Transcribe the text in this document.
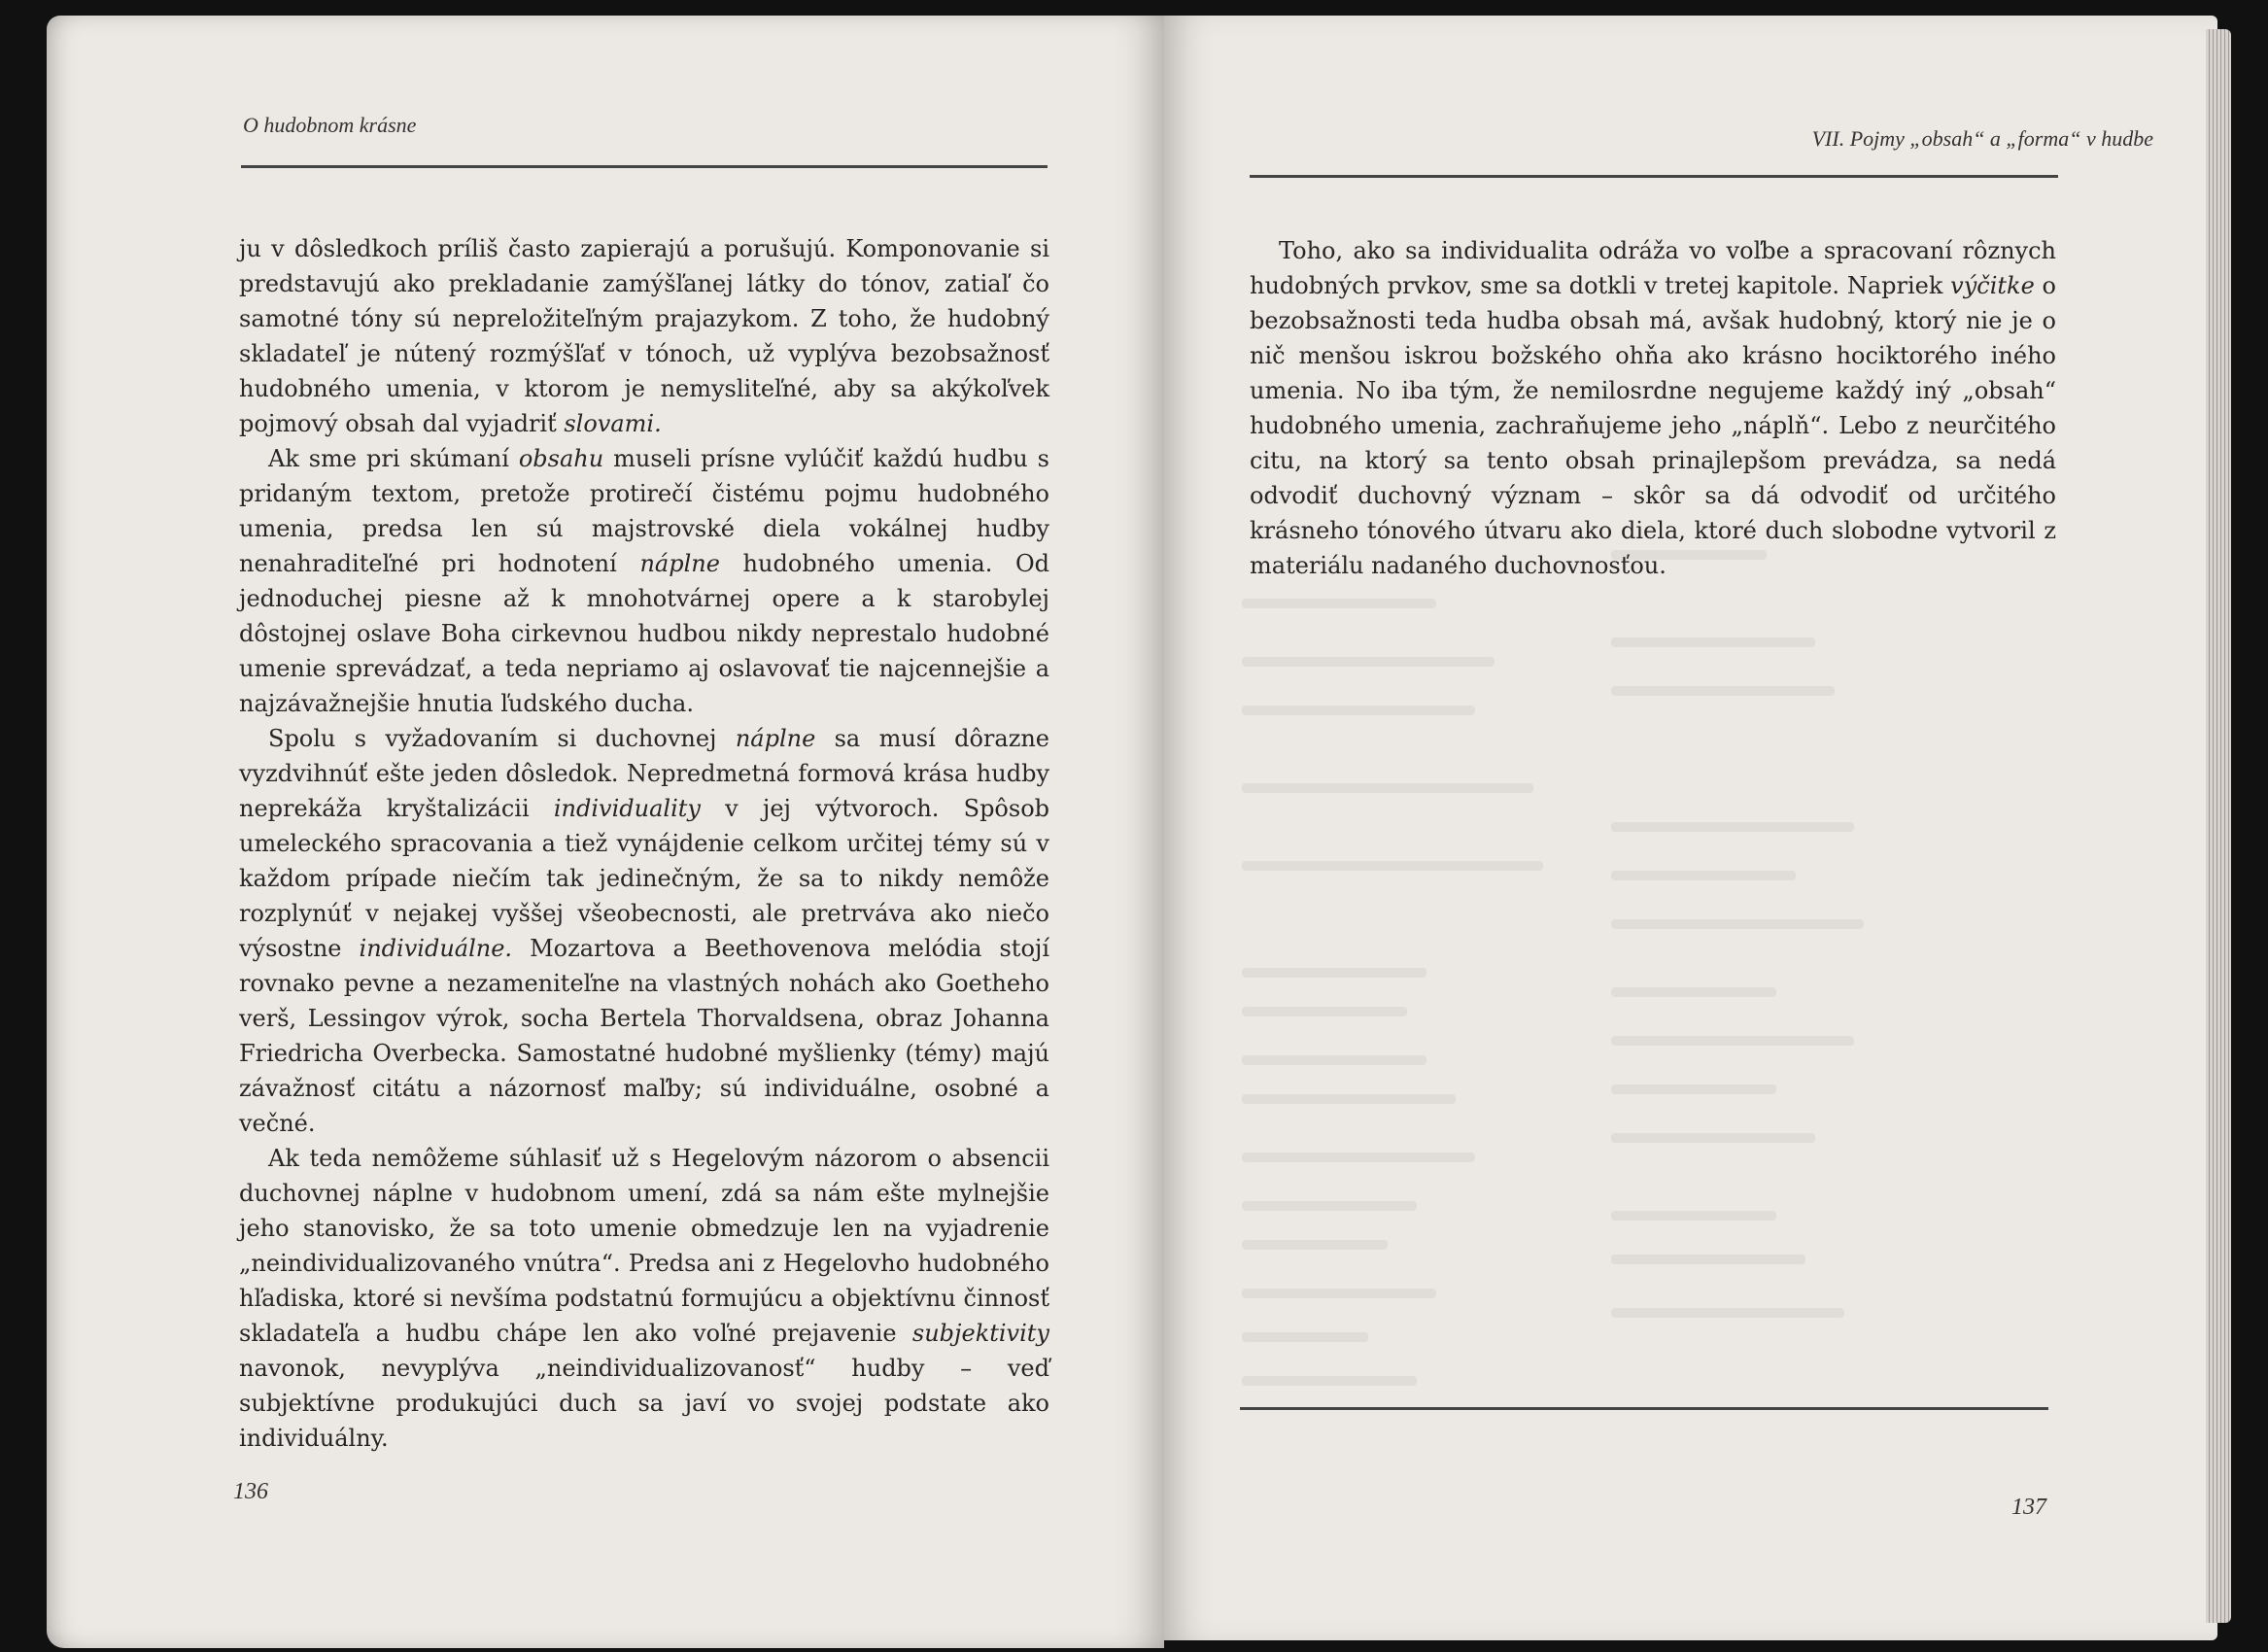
O hudobnom krásne

ju v dôsledkoch príliš často zapierajú a porušujú. Komponovanie si predstavujú ako prekladanie zamýšľanej látky do tónov, zatiaľ čo samotné tóny sú nepreložiteľným prajazykom. Z toho, že hudobný skladateľ je nútený rozmýšľať v tónoch, už vyplýva bezobsažnosť hudobného umenia, v ktorom je nemysliteľné, aby sa akýkoľvek pojmový obsah dal vyjadriť slovami.

Ak sme pri skúmaní obsahu museli prísne vylúčiť každú hudbu s pridaným textom, pretože protirečí čistému pojmu hudobného umenia, predsa len sú majstrovské diela vokálnej hudby nenahraditeľné pri hodnotení náplne hudobného umenia. Od jednoduchej piesne až k mnohotvárnej opere a k starobylej dôstojnej oslave Boha cirkevnou hudbou nikdy neprestalo hudobné umenie sprevádzať, a teda nepriamo aj oslavovať tie najcennejšie a najzávažnejšie hnutia ľudského ducha.

Spolu s vyžadovaním si duchovnej náplne sa musí dôrazne vyzdvihnúť ešte jeden dôsledok. Nepredmetná formová krása hudby neprekáža kryštalizácii individuality v jej výtvoroch. Spôsob umeleckého spracovania a tiež vynájdenie celkom určitej témy sú v každom prípade niečím tak jedinečným, že sa to nikdy nemôže rozplynúť v nejakej vyššej všeobecnosti, ale pretrváva ako niečo výsostne individuálne. Mozartova a Beethovenova melódia stojí rovnako pevne a nezameniteľne na vlastných nohách ako Goetheho verš, Lessingov výrok, socha Bertela Thorvaldsena, obraz Johanna Friedricha Overbecka. Samostatné hudobné myšlienky (témy) majú závažnosť citátu a názornosť maľby; sú individuálne, osobné a večné.

Ak teda nemôžeme súhlasiť už s Hegelovým názorom o absencii duchovnej náplne v hudobnom umení, zdá sa nám ešte mylnejšie jeho stanovisko, že sa toto umenie obmedzuje len na vyjadrenie „neindividualizovaného vnútra“. Predsa ani z Hegelovho hudobného hľadiska, ktoré si nevšíma podstatnú formujúcu a objektívnu činnosť skladateľa a hudbu chápe len ako voľné prejavenie subjektivity navonok, nevyplýva „neindividualizovanosť“ hudby – veď subjektívne produkujúci duch sa javí vo svojej podstate ako individuálny.

136
VII. Pojmy „obsah“ a „forma“ v hudbe

Toho, ako sa individualita odráža vo voľbe a spracovaní rôznych hudobných prvkov, sme sa dotkli v tretej kapitole. Napriek výčitke o bezobsažnosti teda hudba obsah má, avšak hudobný, ktorý nie je o nič menšou iskrou božského ohňa ako krásno hociktorého iného umenia. No iba tým, že nemilosrdne negujeme každý iný „obsah“ hudobného umenia, zachraňujeme jeho „náplň“. Lebo z neurčitého citu, na ktorý sa tento obsah prinajlepšom prevádza, sa nedá odvodiť duchovný význam – skôr sa dá odvodiť od určitého krásneho tónového útvaru ako diela, ktoré duch slobodne vytvoril z materiálu nadaného duchovnosťou.

137
